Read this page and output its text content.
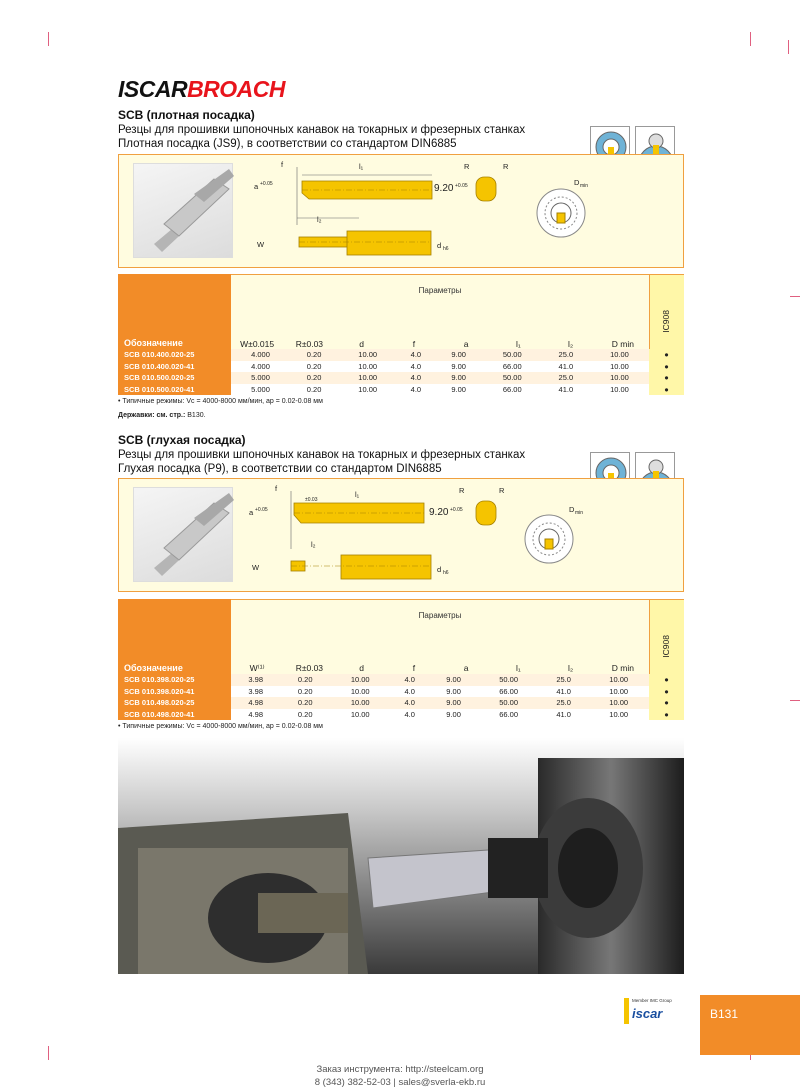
ISCARBROACH
SCB (плотная посадка)
Резцы для прошивки шпоночных канавок на токарных и фрезерных станках
Плотная посадка (JS9), в соответствии со стандартом DIN6885
f
a +0.05
l₁
l₂
W	d h6
9.20 +0.05
R	R
D min
Параметры
Обозначение
IC908
W±0.015	R±0.03	d	f	a	l₁	l₂	D min
SCB 010.400.020-25	4.000	0.20	10.00	4.0	9.00	50.00	25.0	10.00	●
SCB 010.400.020-41	4.000	0.20	10.00	4.0	9.00	66.00	41.0	10.00	●
SCB 010.500.020-25	5.000	0.20	10.00	4.0	9.00	50.00	25.0	10.00	●
SCB 010.500.020-41	5.000	0.20	10.00	4.0	9.00	66.00	41.0	10.00	●
• Типичные режимы: Vc = 4000-8000 мм/мин, ap = 0.02-0.08 мм
Державки: см. стр.: B130.
SCB (глухая посадка)
Резцы для прошивки шпоночных канавок на токарных и фрезерных станках
Глухая посадка (P9), в соответствии со стандартом DIN6885
f
a +0.05
±0.03
l₁
l₂
W	d h6
9.20 +0.05
R	R
D min
Параметры
Обозначение
IC908
W⁽¹⁾	R±0.03	d	f	a	l₁	l₂	D min
SCB 010.398.020-25	3.98	0.20	10.00	4.0	9.00	50.00	25.0	10.00	●
SCB 010.398.020-41	3.98	0.20	10.00	4.0	9.00	66.00	41.0	10.00	●
SCB 010.498.020-25	4.98	0.20	10.00	4.0	9.00	50.00	25.0	10.00	●
SCB 010.498.020-41	4.98	0.20	10.00	4.0	9.00	66.00	41.0	10.00	●
• Типичные режимы: Vc = 4000-8000 мм/мин, ap = 0.02-0.08 мм
Member IMC Group
iscar	B131
Заказ инструмента: http://steelcam.org
8 (343) 382-52-03 | sales@sverla-ekb.ru
